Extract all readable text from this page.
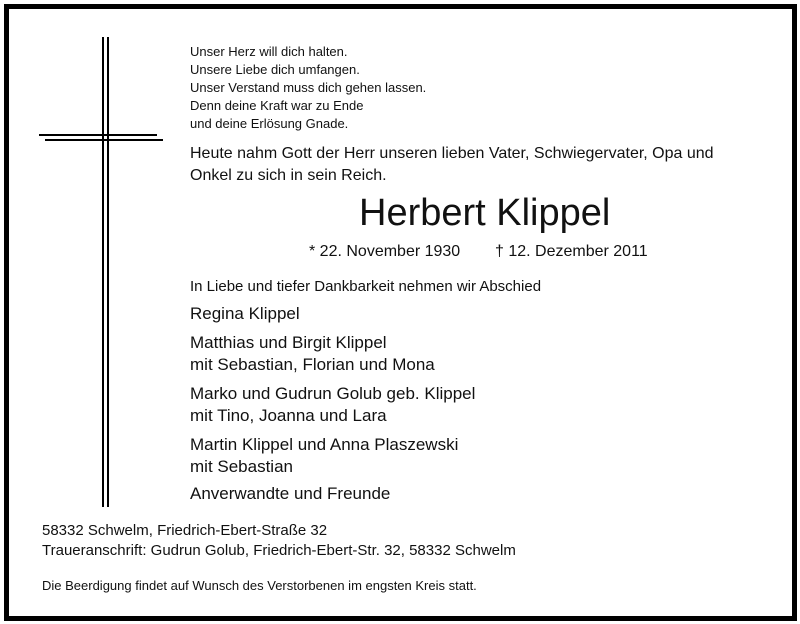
Unser Herz will dich halten.
Unsere Liebe dich umfangen.
Unser Verstand muss dich gehen lassen.
Denn deine Kraft war zu Ende
und deine Erlösung Gnade.
Heute nahm Gott der Herr unseren lieben Vater, Schwiegervater, Opa und
Onkel zu sich in sein Reich.
Herbert Klippel
* 22. November 1930 † 12. Dezember 2011
In Liebe und tiefer Dankbarkeit nehmen wir Abschied
Regina Klippel
Matthias und Birgit Klippel
mit Sebastian, Florian und Mona
Marko und Gudrun Golub geb. Klippel
mit Tino, Joanna und Lara
Martin Klippel und Anna Plaszewski
mit Sebastian
Anverwandte und Freunde
58332 Schwelm, Friedrich-Ebert-Straße 32
Traueranschrift: Gudrun Golub, Friedrich-Ebert-Str. 32, 58332 Schwelm
Die Beerdigung findet auf Wunsch des Verstorbenen im engsten Kreis statt.
